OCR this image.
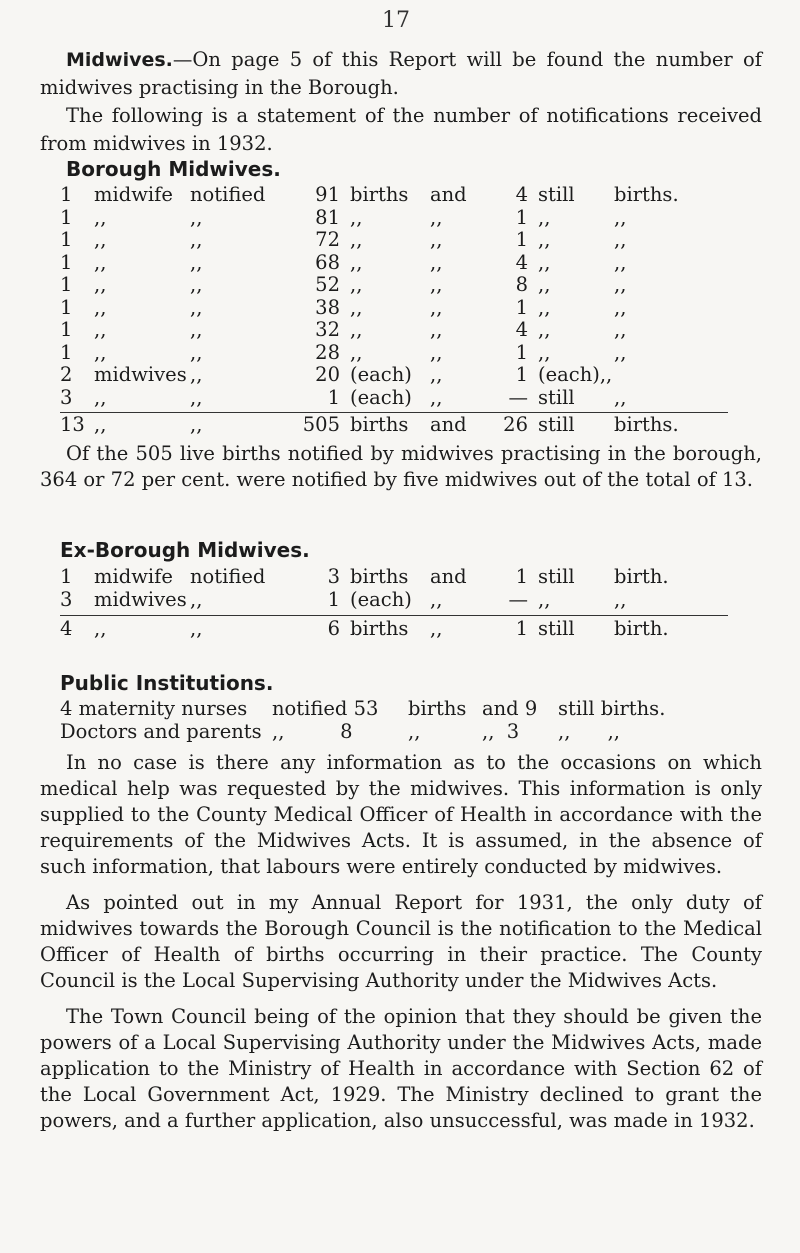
17

Midwives.—On page 5 of this Report will be found the number of midwives practising in the Borough.

The following is a statement of the number of notifications received from midwives in 1932.

Borough Midwives.
1	midwife	notified	91	births	and	4	still	births.
1	,,	,,	81	,,	,,	1	,,	,,
1	,,	,,	72	,,	,,	1	,,	,,
1	,,	,,	68	,,	,,	4	,,	,,
1	,,	,,	52	,,	,,	8	,,	,,
1	,,	,,	38	,,	,,	1	,,	,,
1	,,	,,	32	,,	,,	4	,,	,,
1	,,	,,	28	,,	,,	1	,,	,,
2	midwives	,,	20	(each)	,,	1	(each),,	
3	,,	,,	1	(each)	,,	—	still	,,
13	,,	,,	505	births	and	26	still	births.

Of the 505 live births notified by midwives practising in the borough, 364 or 72 per cent. were notified by five midwives out of the total of 13.

Ex-Borough Midwives.
1	midwife	notified	3	births	and	1	still	birth.
3	midwives	,,	1	(each)	,,	—	,,	,,
4	,,	,,	6	births	,,	1	still	birth.
Public Institutions.
4 maternity nurses	notified 53	births	and 9	still births.
Doctors and parents	,,         8	,,	,,  3	,,      ,,

In no case is there any information as to the occasions on which medical help was requested by the midwives. This information is only supplied to the County Medical Officer of Health in accordance with the requirements of the Midwives Acts. It is assumed, in the absence of such information, that labours were entirely conducted by midwives.

As pointed out in my Annual Report for 1931, the only duty of midwives towards the Borough Council is the notification to the Medical Officer of Health of births occurring in their practice. The County Council is the Local Supervising Authority under the Midwives Acts.

The Town Council being of the opinion that they should be given the powers of a Local Supervising Authority under the Midwives Acts, made application to the Ministry of Health in accordance with Section 62 of the Local Government Act, 1929. The Ministry declined to grant the powers, and a further application, also unsuccessful, was made in 1932.
